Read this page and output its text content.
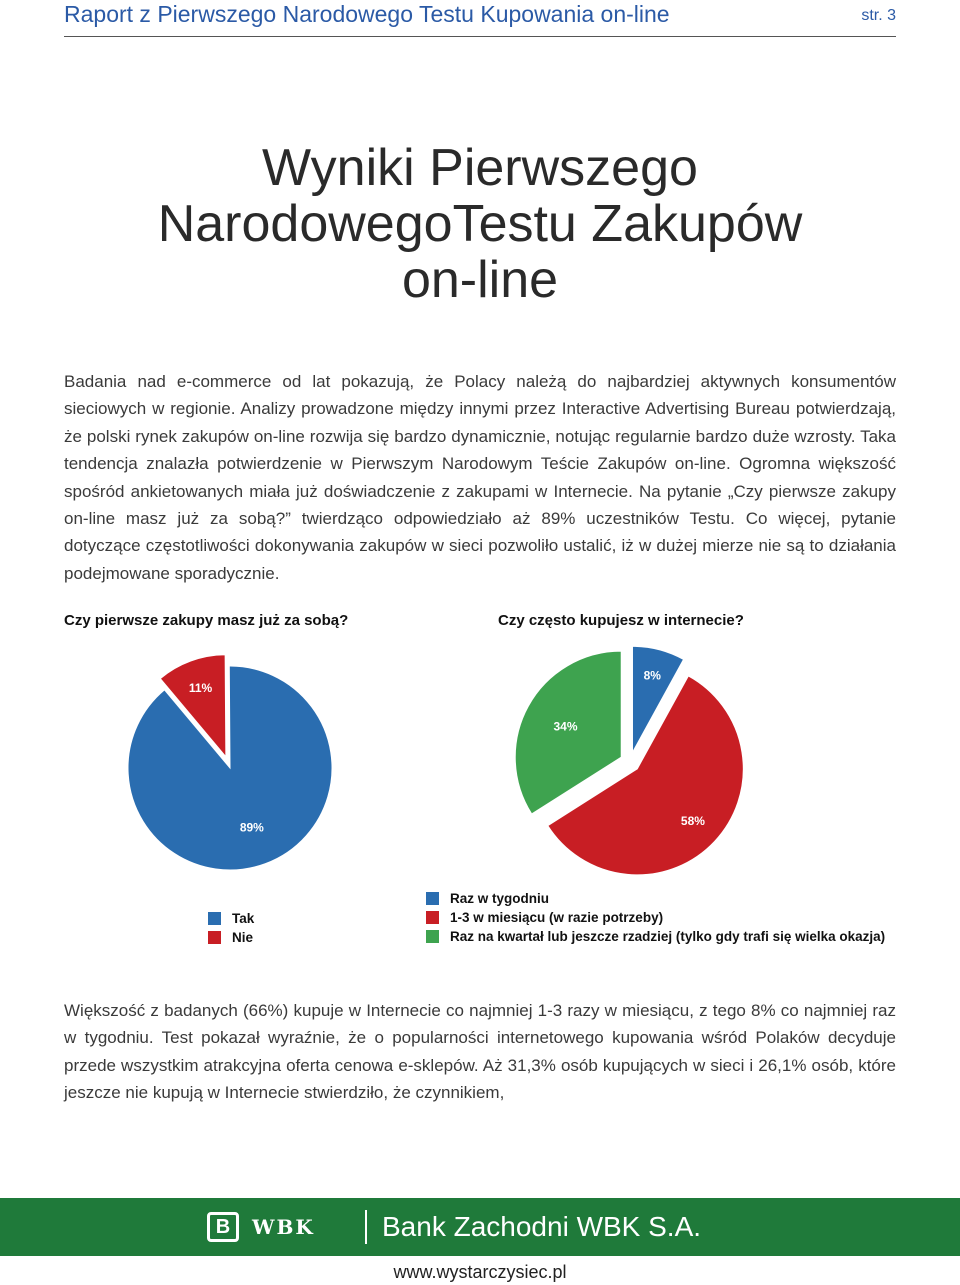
Raport z Pierwszego Narodowego Testu Kupowania on-line	str. 3
Wyniki Pierwszego
NarodowegoTestu Zakupów
on-line
Badania nad e-commerce od lat pokazują, że Polacy należą do najbardziej aktywnych konsumentów sieciowych w regionie. Analizy prowadzone między innymi przez Interactive Advertising Bureau potwierdzają, że polski rynek zakupów on-line rozwija się bardzo dynamicznie, notując regularnie bardzo duże wzrosty. Taka tendencja znalazła potwierdzenie w Pierwszym Narodowym Teście Zakupów on-line. Ogromna większość spośród ankietowanych miała już doświadczenie z zakupami w Internecie. Na pytanie „Czy pierwsze zakupy on-line masz już za sobą?” twierdząco odpowiedziało aż 89% uczestników Testu. Co więcej, pytanie dotyczące częstotliwości dokonywania zakupów w sieci pozwoliło ustalić, iż w dużej mierze nie są to działania podejmowane sporadycznie.
Czy pierwsze zakupy masz już za sobą?	Czy często kupujesz w internecie?
11%
89%
8%
58%
34%
Tak
Nie
Raz w tygodniu
1-3 w miesiącu (w razie potrzeby)
Raz na kwartał lub jeszcze rzadziej (tylko gdy trafi się wielka okazja)
Większość z badanych (66%) kupuje w Internecie co najmniej 1-3 razy w miesiącu, z tego 8% co najmniej raz w tygodniu. Test pokazał wyraźnie, że o popularności internetowego kupowania wśród Polaków decyduje przede wszystkim atrakcyjna oferta cenowa e-sklepów. Aż 31,3% osób kupujących w sieci i 26,1% osób, które jeszcze nie kupują w Internecie stwierdziło, że czynnikiem,
B	WBK Bank Zachodni WBK S.A.
www.wystarczysiec.pl
